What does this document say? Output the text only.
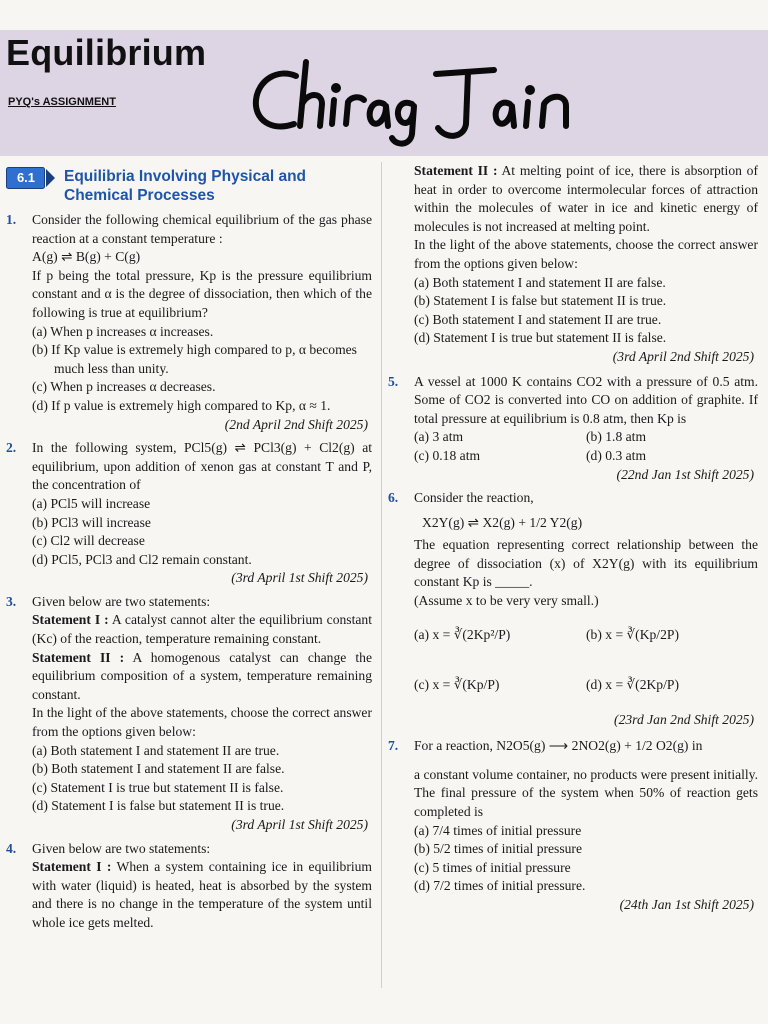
Equilibrium
PYQ's ASSIGNMENT
6.1	Equilibria Involving Physical and Chemical Processes
1. Consider the following chemical equilibrium of the gas phase reaction at a constant temperature :
A(g) ⇌ B(g) + C(g)
If p being the total pressure, Kp is the pressure equilibrium constant and α is the degree of dissociation, then which of the following is true at equilibrium?
(a) When p increases α increases.
(b) If Kp value is extremely high compared to p, α becomes much less than unity.
(c) When p increases α decreases.
(d) If p value is extremely high compared to Kp, α ≈ 1.
(2nd April 2nd Shift 2025)
2. In the following system, PCl5(g) ⇌ PCl3(g) + Cl2(g) at equilibrium, upon addition of xenon gas at constant T and P, the concentration of
(a) PCl5 will increase
(b) PCl3 will increase
(c) Cl2 will decrease
(d) PCl5, PCl3 and Cl2 remain constant.
(3rd April 1st Shift 2025)
3. Given below are two statements:
Statement I : A catalyst cannot alter the equilibrium constant (Kc) of the reaction, temperature remaining constant.
Statement II : A homogenous catalyst can change the equilibrium composition of a system, temperature remaining constant.
In the light of the above statements, choose the correct answer from the options given below:
(a) Both statement I and statement II are true.
(b) Both statement I and statement II are false.
(c) Statement I is true but statement II is false.
(d) Statement I is false but statement II is true.
(3rd April 1st Shift 2025)
4. Given below are two statements:
Statement I : When a system containing ice in equilibrium with water (liquid) is heated, heat is absorbed by the system and there is no change in the temperature of the system until whole ice gets melted.
Statement II : At melting point of ice, there is absorption of heat in order to overcome intermolecular forces of attraction within the molecules of water in ice and kinetic energy of molecules is not increased at melting point.
In the light of the above statements, choose the correct answer from the options given below:
(a) Both statement I and statement II are false.
(b) Statement I is false but statement II is true.
(c) Both statement I and statement II are true.
(d) Statement I is true but statement II is false.
(3rd April 2nd Shift 2025)
5. A vessel at 1000 K contains CO2 with a pressure of 0.5 atm. Some of CO2 is converted into CO on addition of graphite. If total pressure at equilibrium is 0.8 atm, then Kp is
(a) 3 atm	(b) 1.8 atm
(c) 0.18 atm	(d) 0.3 atm
(22nd Jan 1st Shift 2025)
6. Consider the reaction,
X2Y(g) ⇌ X2(g) + 1/2 Y2(g)
The equation representing correct relationship between the degree of dissociation (x) of X2Y(g) with its equilibrium constant Kp is _____.
(Assume x to be very very small.)
(a) x = ∛(2Kp²/P)	(b) x = ∛(Kp/2P)
(c) x = ∛(Kp/P)	(d) x = ∛(2Kp/P)
(23rd Jan 2nd Shift 2025)
7. For a reaction, N2O5(g) ⟶ 2NO2(g) + 1/2 O2(g) in
a constant volume container, no products were present initially. The final pressure of the system when 50% of reaction gets completed is
(a) 7/4 times of initial pressure
(b) 5/2 times of initial pressure
(c) 5 times of initial pressure
(d) 7/2 times of initial pressure.
(24th Jan 1st Shift 2025)
